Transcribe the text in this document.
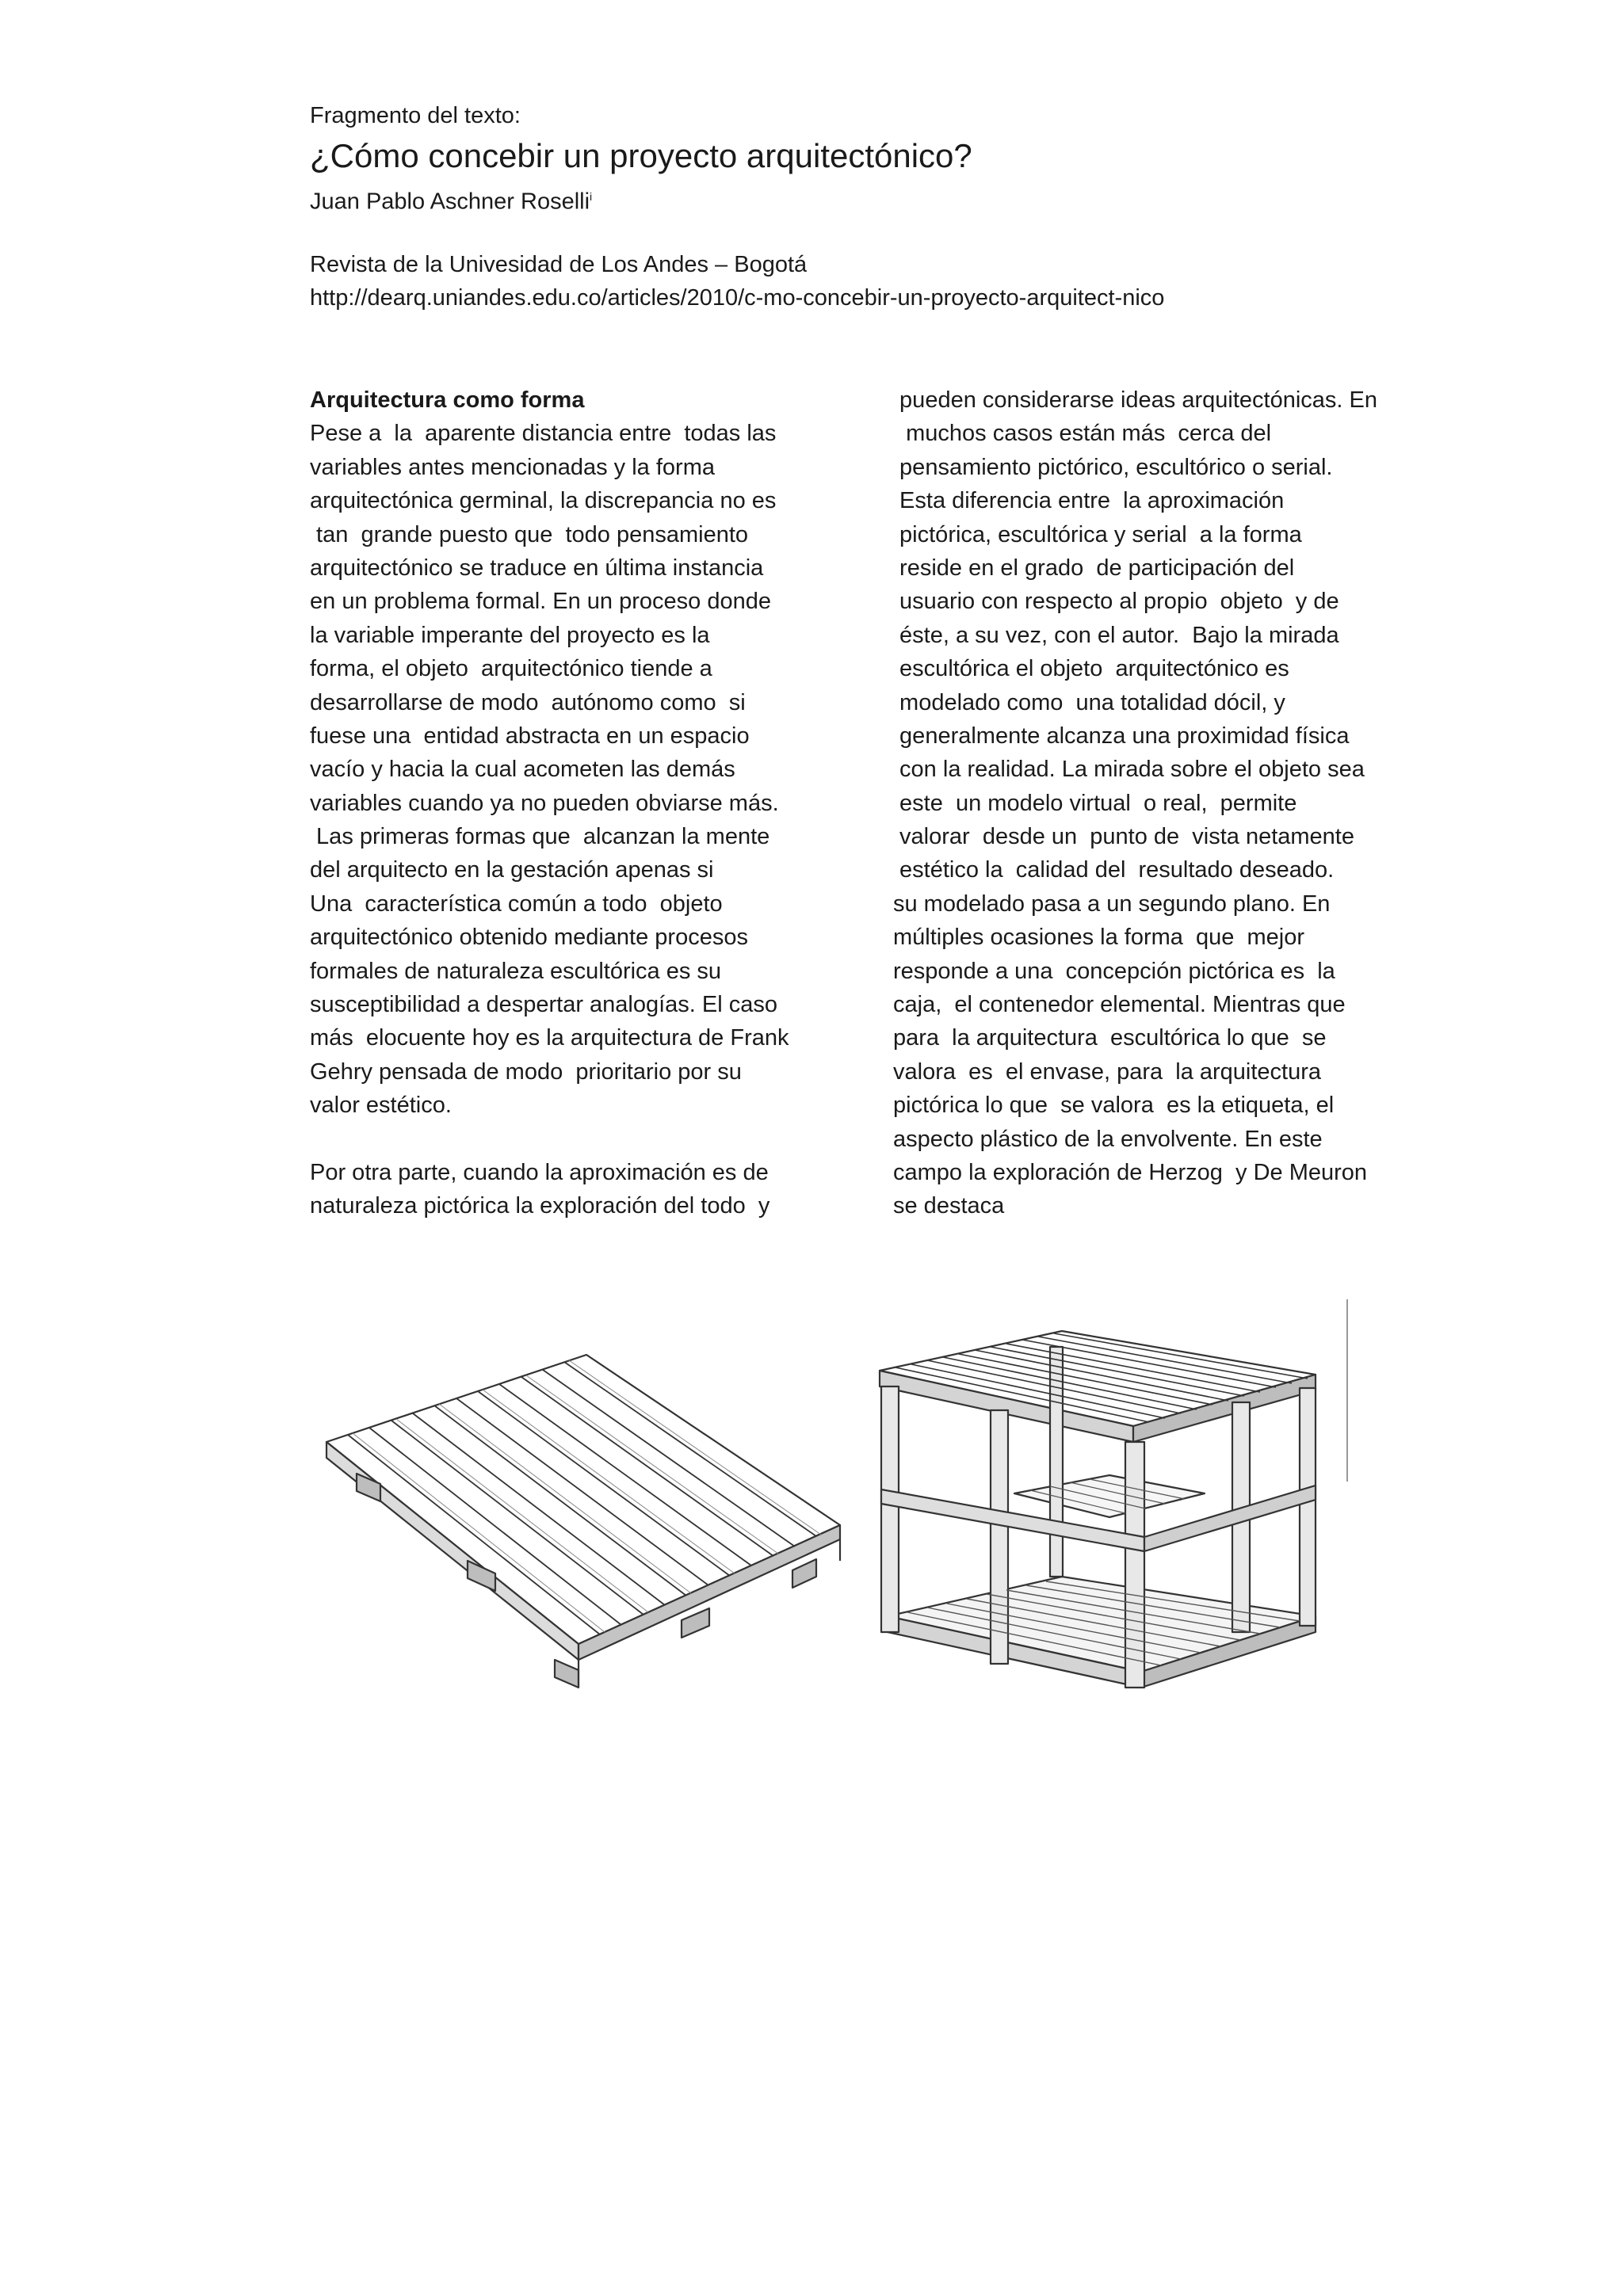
Fragmento del texto:
¿Cómo concebir un proyecto arquitectónico?
Juan Pablo Aschner Roselli$^i$
Revista de la Univesidad de Los Andes – Bogotá
http://dearq.uniandes.edu.co/articles/2010/c-mo-concebir-un-proyecto-arquitect-nico
Arquitectura como forma
Pese a  la  aparente distancia entre  todas las
variables antes mencionadas y la forma
arquitectónica germinal, la discrepancia no es
tan  grande puesto que  todo pensamiento
arquitectónico se traduce en última instancia
en un problema formal. En un proceso donde
la variable imperante del proyecto es la
forma, el objeto  arquitectónico tiende a
desarrollarse de modo  autónomo como  si
fuese una  entidad abstracta en un espacio
vacío y hacia la cual acometen las demás
variables cuando ya no pueden obviarse más.
Las primeras formas que  alcanzan la mente
del arquitecto en la gestación apenas si
Una  característica común a todo  objeto
arquitectónico obtenido mediante procesos
formales de naturaleza escultórica es su
susceptibilidad a despertar analogías. El caso
más  elocuente hoy es la arquitectura de Frank
Gehry pensada de modo  prioritario por su
valor estético.
Por otra parte, cuando la aproximación es de
naturaleza pictórica la exploración del todo  y
pueden considerarse ideas arquitectónicas. En
muchos casos están más  cerca del
pensamiento pictórico, escultórico o serial.
Esta diferencia entre  la aproximación
pictórica, escultórica y serial  a la forma
reside en el grado  de participación del
usuario con respecto al propio  objeto  y de
éste, a su vez, con el autor.  Bajo la mirada
escultórica el objeto  arquitectónico es
modelado como  una totalidad dócil, y
generalmente alcanza una proximidad física
con la realidad. La mirada sobre el objeto sea
este  un modelo virtual  o real,  permite
valorar  desde un  punto de  vista netamente
estético la  calidad del  resultado deseado.
su modelado pasa a un segundo plano. En
múltiples ocasiones la forma  que  mejor
responde a una  concepción pictórica es  la
caja,  el contenedor elemental. Mientras que
para  la arquitectura  escultórica lo que  se
valora  es  el envase, para  la arquitectura
pictórica lo que  se valora  es la etiqueta, el
aspecto plástico de la envolvente. En este
campo la exploración de Herzog  y De Meuron
se destaca
